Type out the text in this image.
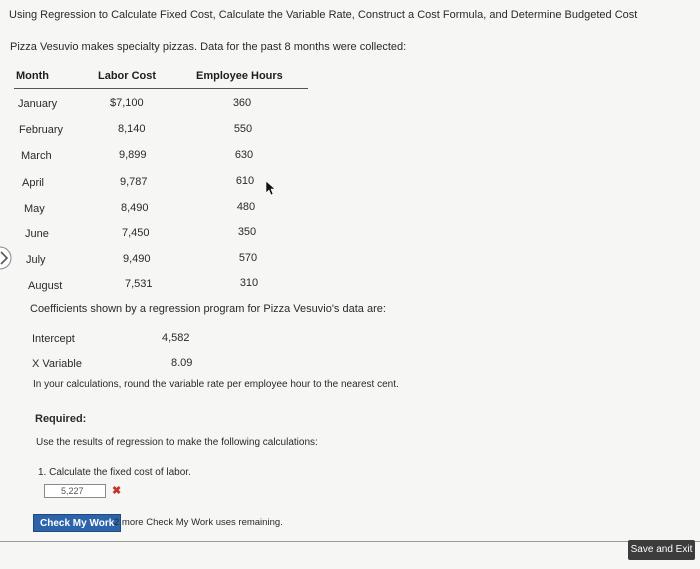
Using Regression to Calculate Fixed Cost, Calculate the Variable Rate, Construct a Cost Formula, and Determine Budgeted Cost
Pizza Vesuvio makes specialty pizzas. Data for the past 8 months were collected:
Month	Labor Cost	Employee Hours
January	$7,100	360
February	8,140	550
March	9,899	630
April	9,787	610
May	8,490	480
June	7,450	350
July	9,490	570
August	7,531	310
Coefficients shown by a regression program for Pizza Vesuvio's data are:
Intercept	4,582
X Variable	8.09
In your calculations, round the variable rate per employee hour to the nearest cent.
Required:
Use the results of regression to make the following calculations:
1. Calculate the fixed cost of labor.
5,227	✖
Check My Work 2 more Check My Work uses remaining.
Save and Exit
